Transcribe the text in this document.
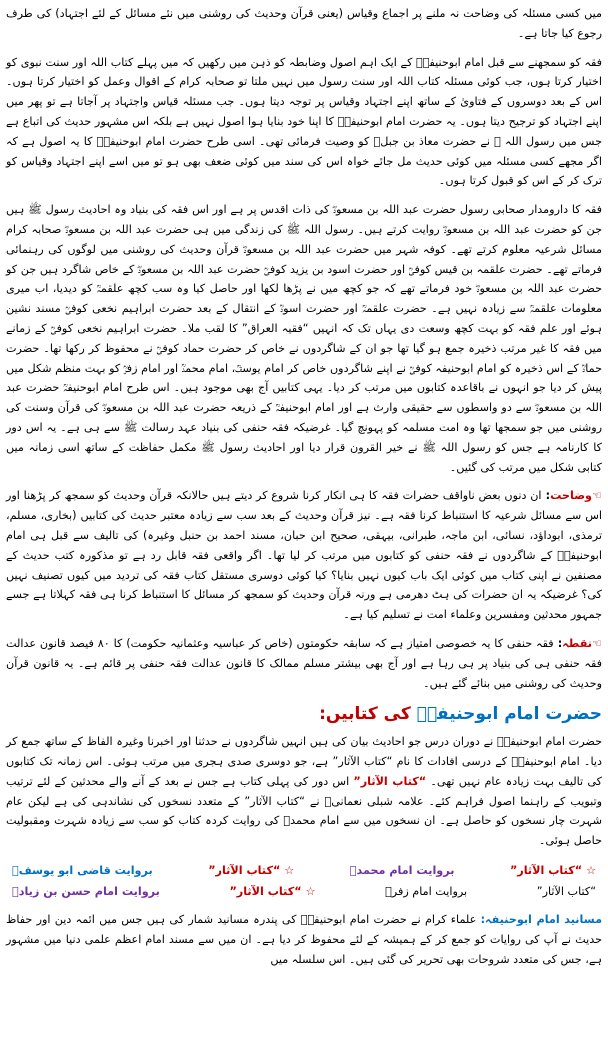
میں کسی مسئلہ کی وضاحت نہ ملنے پر اجماع وقیاس (یعنی قرآن وحدیث کی روشنی میں نئے مسائل کے لئے اجتہاد) کی طرف رجوع کیا جاتا ہے۔

فقہ کو سمجھنے سے قبل امام ابوحنیفہؒ کے ایک اہم اصول وضابطہ کو ذہن میں رکھیں کہ میں پہلے کتاب اللہ اور سنت نبوی کو اختیار کرتا ہوں، جب کوئی مسئلہ کتاب اللہ اور سنت رسول میں نہیں ملتا تو صحابہ کرام کے اقوال وعمل کو اختیار کرتا ہوں۔ اس کے بعد دوسروں کے فتاویٰ کے ساتھ اپنے اجتہاد وقیاس پر توجہ دیتا ہوں۔ جب مسئلہ قیاس واجتہاد پر آجاتا ہے تو پھر میں اپنے اجتہاد کو ترجیح دیتا ہوں۔ یہ حضرت امام ابوحنیفہؒ کا اپنا خود بنایا ہوا اصول نہیں ہے بلکہ اس مشہور حدیث کی اتباع ہے جس میں رسول اللہ ﷺ نے حضرت معاذ بن جبلؓ کو وصیت فرمائی تھی۔ اسی طرح حضرت امام ابوحنیفہؒ کا یہ اصول ہے کہ اگر مجھے کسی مسئلہ میں کوئی حدیث مل جائے خواہ اس کی سند میں کوئی ضعف بھی ہو تو میں اسے اپنے اجتہاد وقیاس کو ترک کر کے اس کو قبول کرتا ہوں۔

فقہ کا دارومدار صحابی رسول حضرت عبد اللہ بن مسعودؓ کی ذات اقدس پر ہے اور اس فقہ کی بنیاد وہ احادیث رسول ﷺ ہیں جن کو حضرت عبد اللہ بن مسعودؓ روایت کرتے ہیں۔ رسول اللہ ﷺ کی زندگی میں ہی حضرت عبد اللہ بن مسعودؓ صحابہ کرام مسائل شرعیہ معلوم کرتے تھے۔ کوفہ شہر میں حضرت عبد اللہ بن مسعودؓ قرآن وحدیث کی روشنی میں لوگوں کی رہنمائی فرماتے تھے۔ حضرت علقمہ بن قیس کوفیؒ اور حضرت اسود بن یزید کوفیؒ حضرت عبد اللہ بن مسعودؓ کے خاص شاگرد ہیں جن کو حضرت عبد اللہ بن مسعودؓ خود فرماتے تھے کہ جو کچھ میں نے پڑھا لکھا اور حاصل کیا وہ سب کچھ علقمہؒ کو دیدیا، اب میری معلومات علقمہؒ سے زیادہ نہیں ہے۔ حضرت علقمہؒ اور حضرت اسودؒ کے انتقال کے بعد حضرت ابراہیم نخعی کوفیؒ مسند نشین ہوئے اور علم فقہ کو بہت کچھ وسعت دی یہاں تک کہ انہیں “فقیہ العراق” کا لقب ملا۔ حضرت ابراہیم نخعی کوفیؒ کے زمانے میں فقہ کا غیر مرتب ذخیرہ جمع ہو گیا تھا جو ان کے شاگردوں نے خاص کر حضرت حماد کوفیؒ نے محفوظ کر رکھا تھا۔ حضرت حمادؒ کے اس ذخیرہ کو امام ابوحنیفہ کوفیؒ نے اپنے شاگردوں خاص کر امام یوسفؒ، امام محمدؒ اور امام زفرؒ کو بہت منظم شکل میں پیش کر دیا جو انہوں نے باقاعدہ کتابوں میں مرتب کر دیا۔ یہی کتابیں آج بھی موجود ہیں۔ اس طرح امام ابوحنیفہؒ حضرت عبد اللہ بن مسعودؓ سے دو واسطوں سے حقیقی وارث ہے اور امام ابوحنیفہؒ کے ذریعہ حضرت عبد اللہ بن مسعودؓ کی قرآن وسنت کی روشنی میں جو سمجھا تھا وہ امت مسلمہ کو پہونچ گیا۔ غرضیکہ فقہ حنفی کی بنیاد عہد رسالت ﷺ سے ہی ہے۔ یہ اس دور کا کارنامہ ہے جس کو رسول اللہ ﷺ نے خیر القرون قرار دیا اور احادیث رسول ﷺ مکمل حفاظت کے ساتھ اسی زمانہ میں کتابی شکل میں مرتب کی گئیں۔

☜وضاحت: ان دنوں بعض ناواقف حضرات فقہ کا ہی انکار کرنا شروع کر دیتے ہیں حالانکہ قرآن وحدیث کو سمجھ کر پڑھنا اور اس سے مسائل شرعیہ کا استنباط کرنا فقہ ہے۔ نیز قرآن وحدیث کے بعد سب سے زیادہ معتبر حدیث کی کتابیں (بخاری، مسلم، ترمذی، ابوداؤد، نسائی، ابن ماجہ، طبرانی، بیہقی، صحیح ابن حبان، مسند احمد بن حنبل وغیرہ) کی تالیف سے قبل ہی امام ابوحنیفہؒ کے شاگردوں نے فقہ حنفی کو کتابوں میں مرتب کر لیا تھا۔ اگر واقعی فقہ قابل رد ہے تو مذکورہ کتب حدیث کے مصنفین نے اپنی کتاب میں کوئی ایک باب کیوں نہیں بنایا؟ کیا کوئی دوسری مستقل کتاب فقہ کی تردید میں کیوں تصنیف نہیں کی؟ غرضیکہ یہ ان حضرات کی ہٹ دھرمی ہے ورنہ قرآن وحدیث کو سمجھ کر مسائل کا استنباط کرنا ہی فقہ کہلاتا ہے جسے جمہور محدثین ومفسرین وعلماء امت نے تسلیم کیا ہے۔

☜نقطہ: فقہ حنفی کا یہ خصوصی امتیاز ہے کہ سابقہ حکومتوں (خاص کر عباسیہ وعثمانیہ حکومت) کا ۸۰ فیصد قانون عدالت فقہ حنفی ہی کی بنیاد پر ہی رہا ہے اور آج بھی بیشتر مسلم ممالک کا قانون عدالت فقہ حنفی پر قائم ہے۔ یہ قانون قرآن وحدیث کی روشنی میں بنائے گئے ہیں۔

حضرت امام ابوحنیفہؒ کی کتابیں:

حضرت امام ابوحنیفہؒ نے دوران درس جو احادیث بیان کی ہیں انہیں شاگردوں نے حدثنا اور اخبرنا وغیرہ الفاظ کے ساتھ جمع کر دیا۔ امام ابوحنیفہؒ کے درسی افادات کا نام “کتاب الآثار” ہے، جو دوسری صدی ہجری میں مرتب ہوئی۔ اس زمانہ تک کتابوں کی تالیف بہت زیادہ عام نہیں تھی۔ “کتاب الآثار” اس دور کی پہلی کتاب ہے جس نے بعد کے آنے والے محدثین کے لئے ترتیب وتبویب کے راہنما اصول فراہم کئے۔ علامہ شبلی نعمانیؒ نے “کتاب الآثار” کے متعدد نسخوں کی نشاندہی کی ہے لیکن عام شہرت چار نسخوں کو حاصل ہے۔ ان نسخوں میں سے امام محمدؒ کی روایت کردہ کتاب کو سب سے زیادہ شہرت ومقبولیت حاصل ہوئی۔

☆ “کتاب الآثار”
بروایت امام محمدؒ
☆ “کتاب الآثار”
بروایت قاضی ابو یوسفؒ
“کتاب الآثار”
بروایت امام زفرؒ
☆ “کتاب الآثار”
بروایت امام حسن بن زیادؒ

مسانید امام ابوحنیفہ: علماء کرام نے حضرت امام ابوحنیفہؒ کی پندرہ مسانید شمار کی ہیں جس میں ائمہ دین اور حفاظ حدیث نے آپ کی روایات کو جمع کر کے ہمیشہ کے لئے محفوظ کر دیا ہے۔ ان میں سے مسند امام اعظم علمی دنیا میں مشہور ہے، جس کی متعدد شروحات بھی تحریر کی گئی ہیں۔ اس سلسلہ میں
